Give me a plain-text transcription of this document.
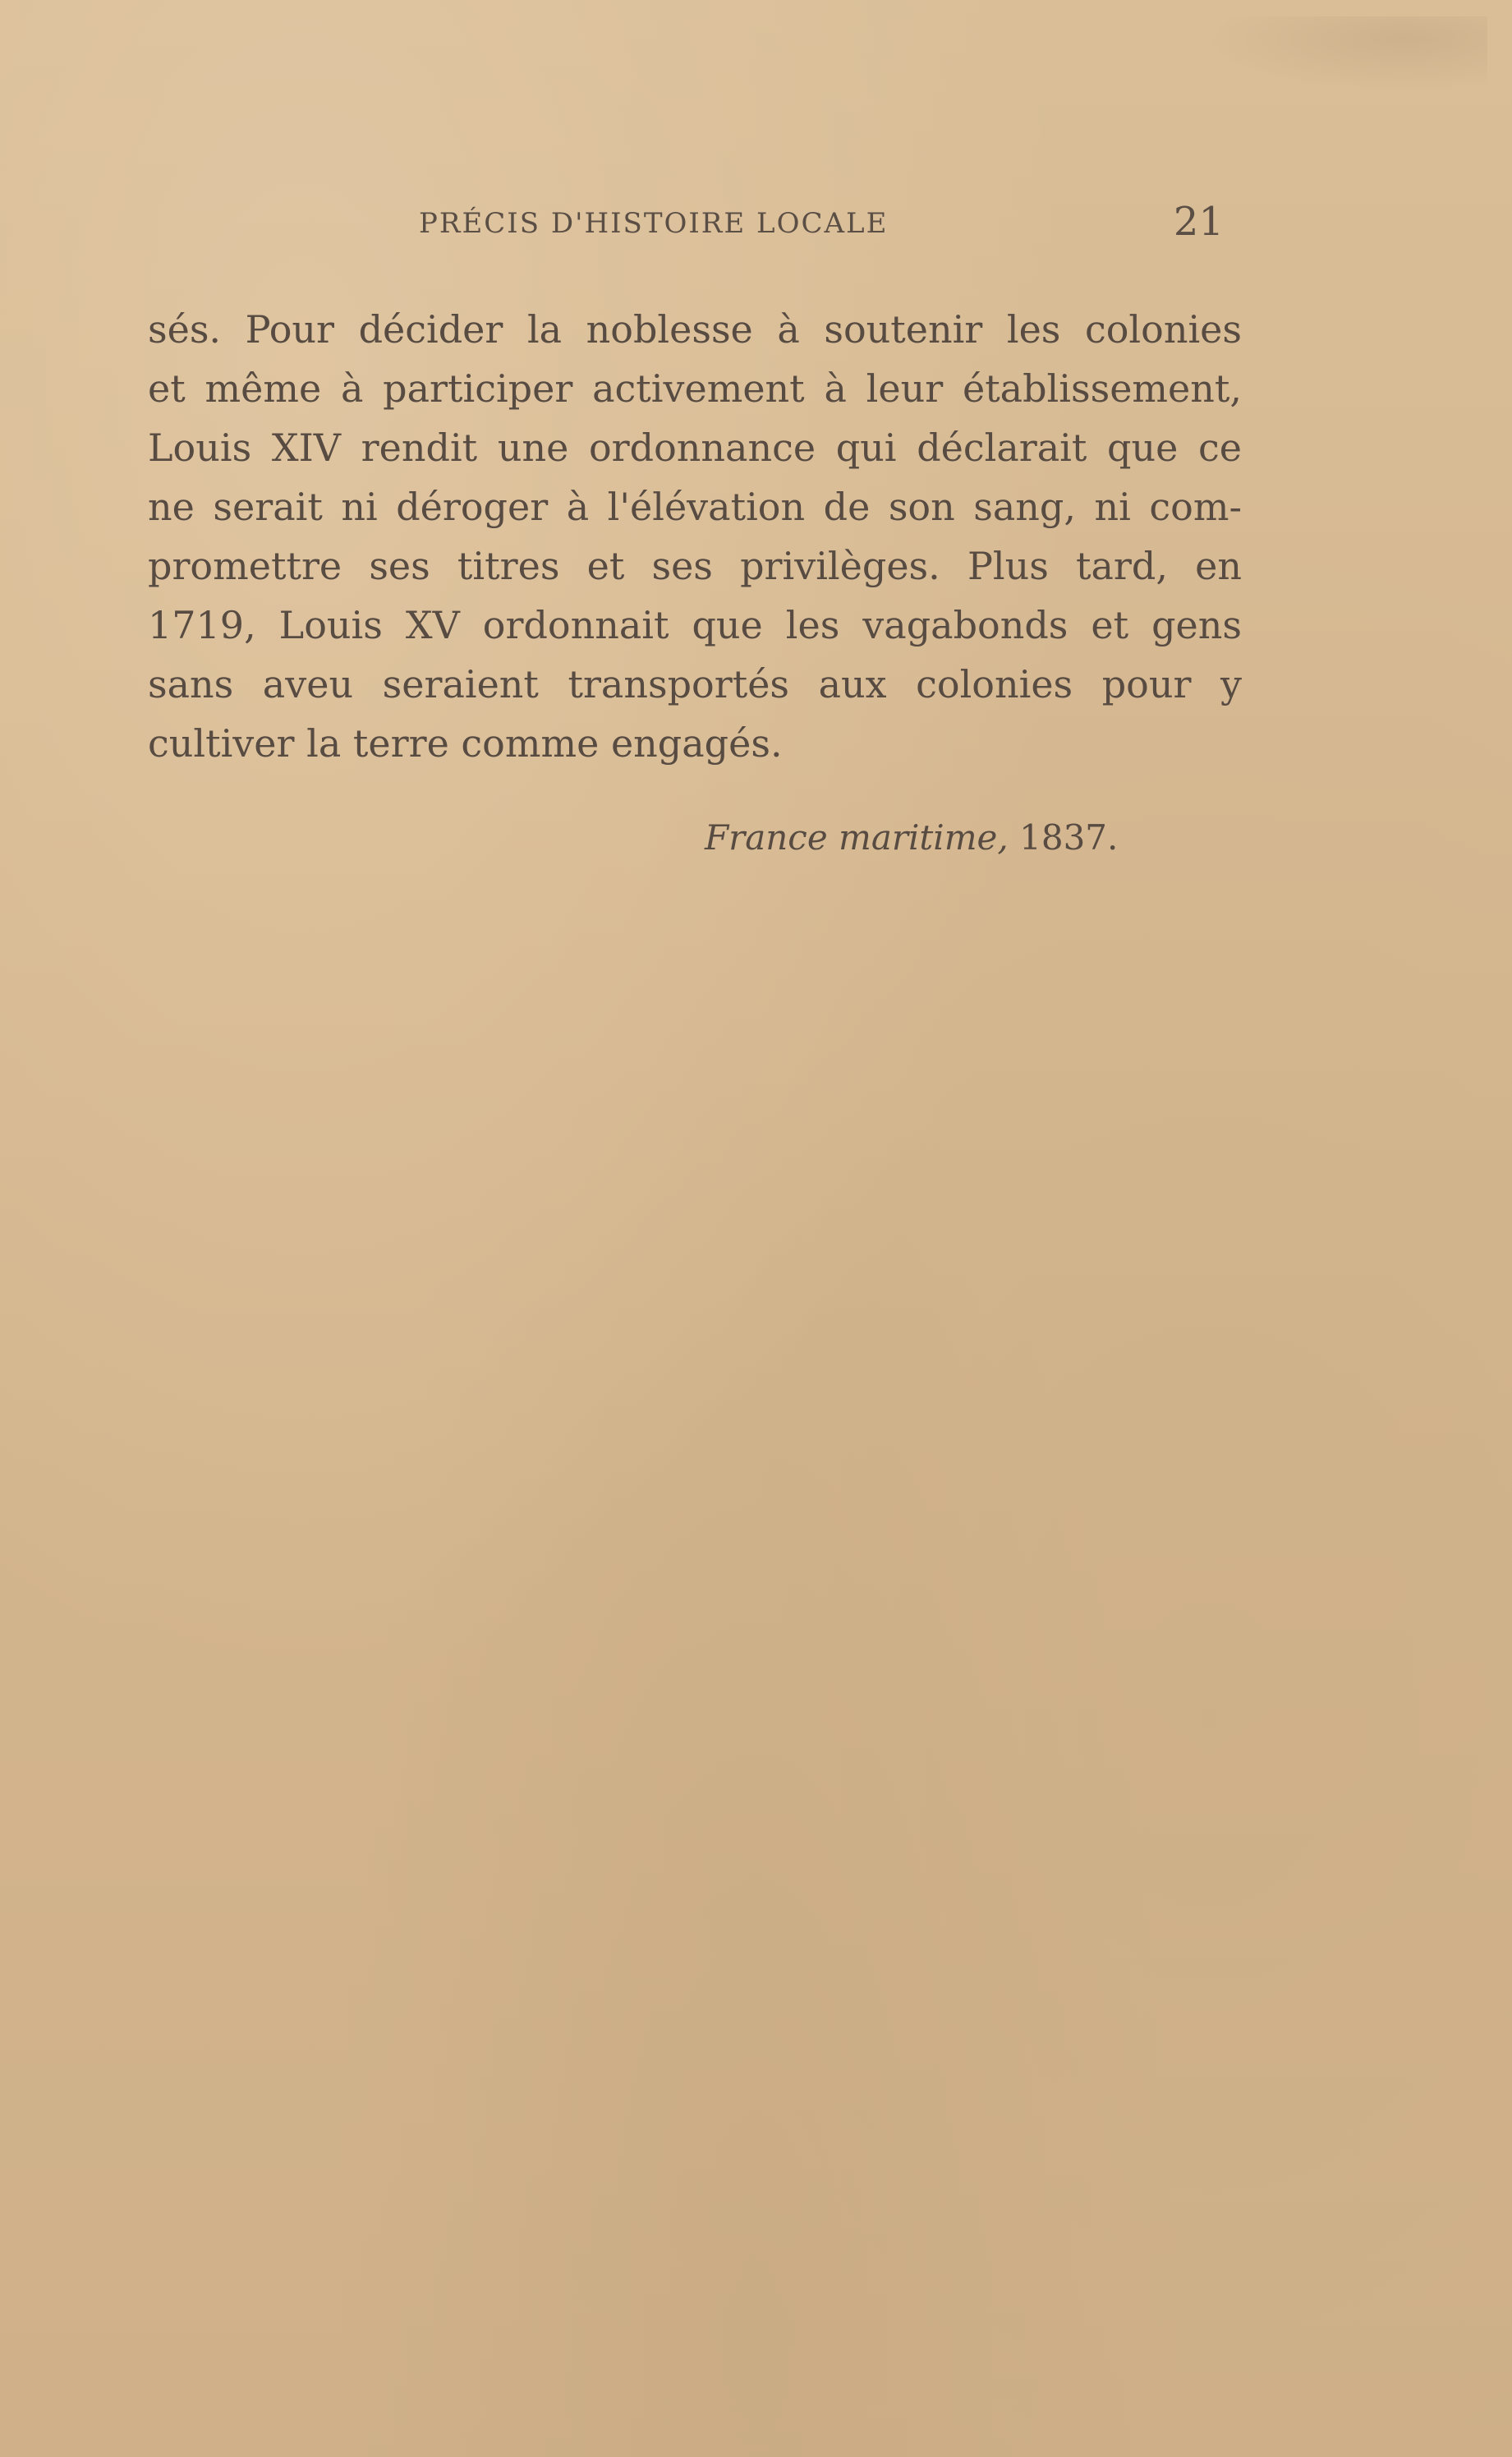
PRÉCIS D'HISTOIRE LOCALE	21
sés. Pour décider la noblesse à soutenir les colonies
et même à participer activement à leur établissement,
Louis XIV rendit une ordonnance qui déclarait que ce
ne serait ni déroger à l'élévation de son sang, ni com-
promettre ses titres et ses privilèges. Plus tard, en
1719, Louis XV ordonnait que les vagabonds et gens
sans aveu seraient transportés aux colonies pour y
cultiver la terre comme engagés.
France maritime, 1837.
